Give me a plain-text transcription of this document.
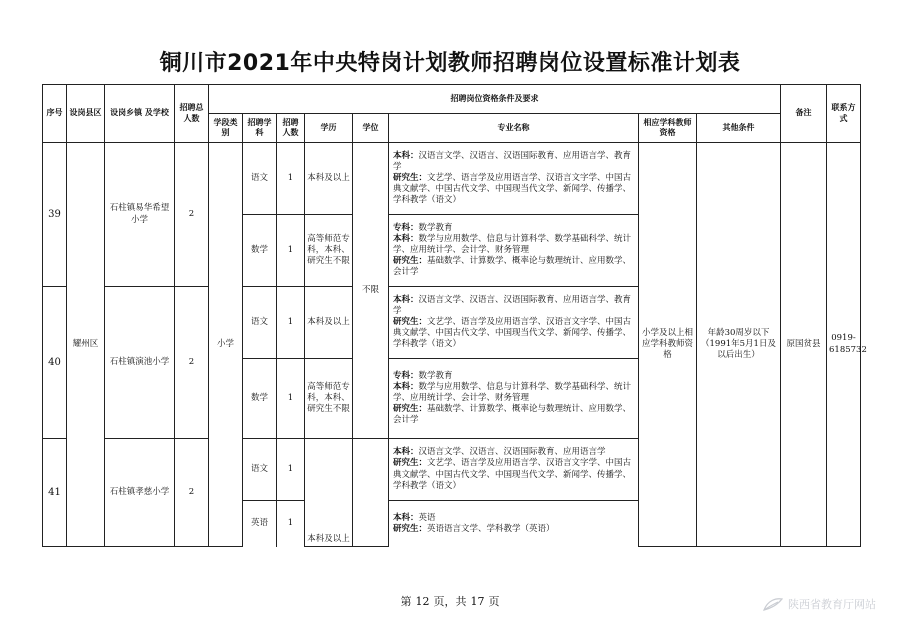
铜川市2021年中央特岗计划教师招聘岗位设置标准计划表
序号	设岗县区	设岗乡镇 及学校	招聘总人数	招聘岗位资格条件及要求								备注	联系方式
				学段类别	招聘学科	招聘人数	学历	学位	专业名称	相应学科教师资格	其他条件		
39	耀州区	石柱镇易华希望小学	2	小学	语文	1	本科及以上	不限	本科：汉语言文学、汉语言、汉语国际教育、应用语言学、教育学
研究生：文艺学、语言学及应用语言学、汉语言文字学、中国古典文献学、中国古代文学、中国现当代文学、新闻学、传播学、学科教学（语文）	小学及以上相应学科教师资格	年龄30周岁以下（1991年5月1日及以后出生）	原国贫县	0919-6185732
					数学	1	高等师范专科，本科、研究生不限		专科：数学教育
本科：数学与应用数学、信息与计算科学、数学基础科学、统计学、应用统计学、会计学、财务管理
研究生：基础数学、计算数学、概率论与数理统计、应用数学、会计学				
40		石柱镇演池小学	2		语文	1	本科及以上		本科：汉语言文学、汉语言、汉语国际教育、应用语言学、教育学
研究生：文艺学、语言学及应用语言学、汉语言文字学、中国古典文献学、中国古代文学、中国现当代文学、新闻学、传播学、学科教学（语文）				
					数学	1	高等师范专科，本科、研究生不限		专科：数学教育
本科：数学与应用数学、信息与计算科学、数学基础科学、统计学、应用统计学、会计学、财务管理
研究生：基础数学、计算数学、概率论与数理统计、应用数学、会计学				
41		石柱镇孝慈小学	2		语文	1	本科及以上		本科：汉语言文学、汉语言、汉语国际教育、应用语言学
研究生：文艺学、语言学及应用语言学、汉语言文字学、中国古典文献学、中国古代文学、中国现当代文学、新闻学、传播学、学科教学（语文）				
					英语	1			本科：英语
研究生：英语语言文学、学科教学（英语）				
第 12 页，共 17 页	陕西省教育厅网站
